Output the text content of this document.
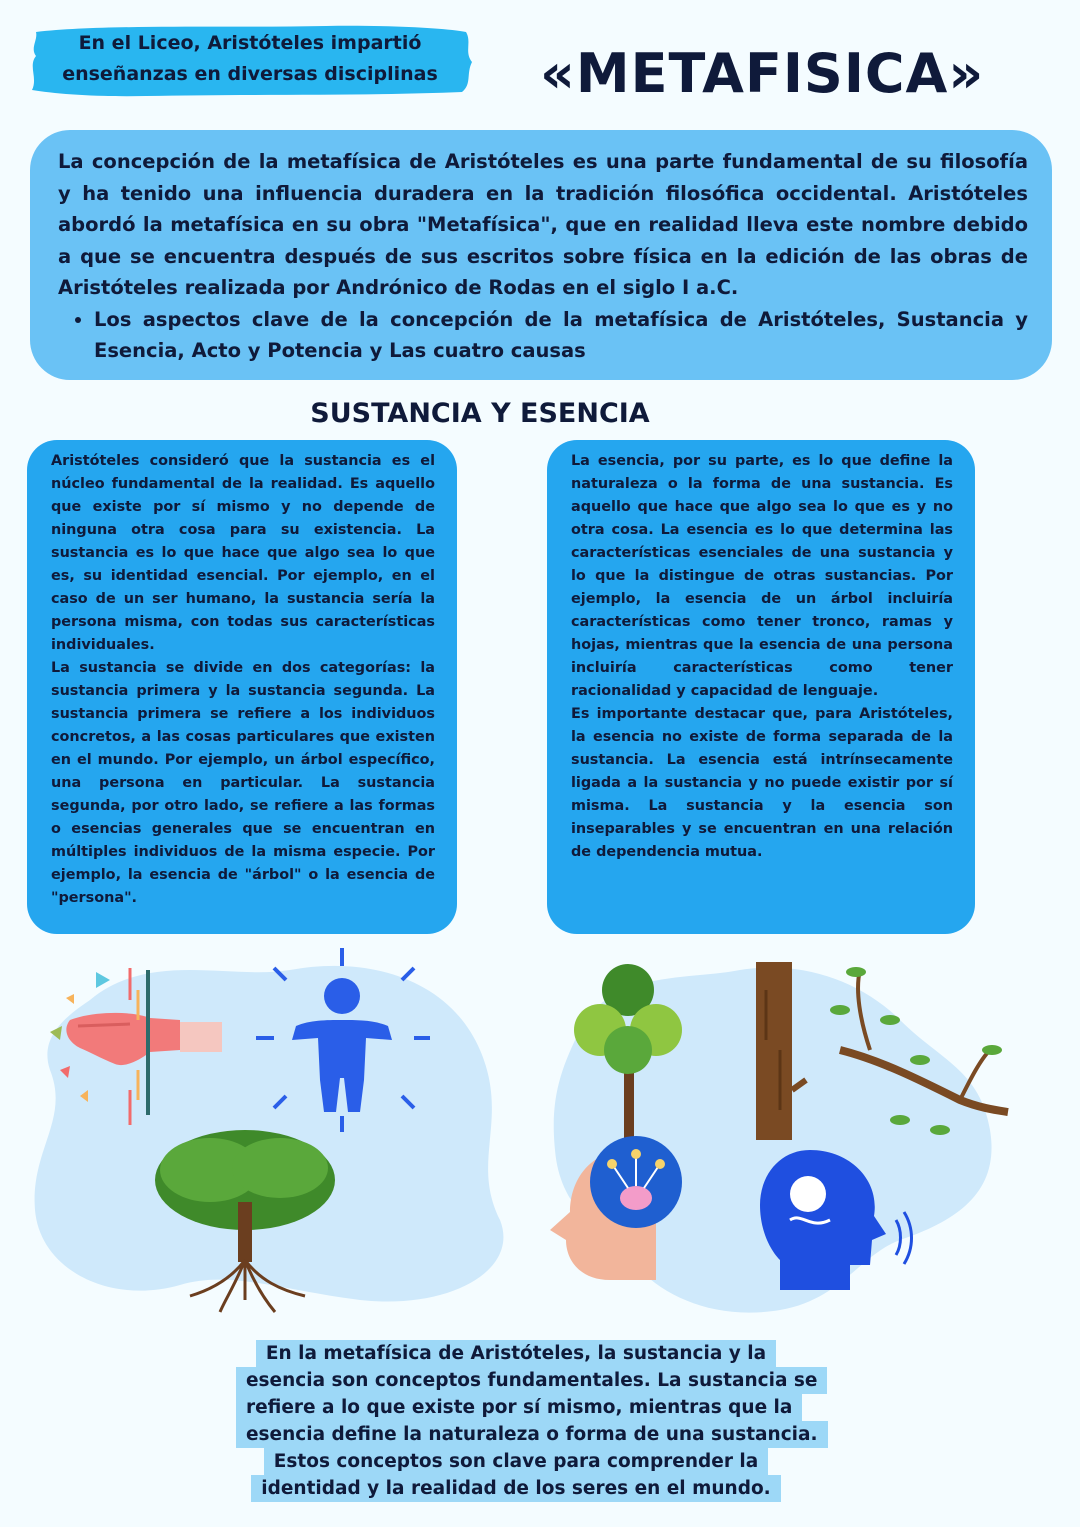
En el Liceo, Aristóteles impartió
enseñanzas en diversas disciplinas	«METAFISICA»

La concepción de la metafísica de Aristóteles es una parte fundamental de su filosofía y ha tenido una influencia duradera en la tradición filosófica occidental. Aristóteles abordó la metafísica en su obra "Metafísica", que en realidad lleva este nombre debido a que se encuentra después de sus escritos sobre física en la edición de las obras de Aristóteles realizada por Andrónico de Rodas en el siglo I a.C.

• Los aspectos clave de la concepción de la metafísica de Aristóteles, Sustancia y Esencia, Acto y Potencia y Las cuatro causas
SUSTANCIA Y ESENCIA

Aristóteles consideró que la sustancia es el núcleo fundamental de la realidad. Es aquello que existe por sí mismo y no depende de ninguna otra cosa para su existencia. La sustancia es lo que hace que algo sea lo que es, su identidad esencial. Por ejemplo, en el caso de un ser humano, la sustancia sería la persona misma, con todas sus características individuales.

La sustancia se divide en dos categorías: la sustancia primera y la sustancia segunda. La sustancia primera se refiere a los individuos concretos, a las cosas particulares que existen en el mundo. Por ejemplo, un árbol específico, una persona en particular. La sustancia segunda, por otro lado, se refiere a las formas o esencias generales que se encuentran en múltiples individuos de la misma especie. Por ejemplo, la esencia de "árbol" o la esencia de "persona".

La esencia, por su parte, es lo que define la naturaleza o la forma de una sustancia. Es aquello que hace que algo sea lo que es y no otra cosa. La esencia es lo que determina las características esenciales de una sustancia y lo que la distingue de otras sustancias. Por ejemplo, la esencia de un árbol incluiría características como tener tronco, ramas y hojas, mientras que la esencia de una persona incluiría características como tener racionalidad y capacidad de lenguaje.

Es importante destacar que, para Aristóteles, la esencia no existe de forma separada de la sustancia. La esencia está intrínsecamente ligada a la sustancia y no puede existir por sí misma. La sustancia y la esencia son inseparables y se encuentran en una relación de dependencia mutua.

En la metafísica de Aristóteles, la sustancia y la
esencia son conceptos fundamentales. La sustancia se
refiere a lo que existe por sí mismo, mientras que la
esencia define la naturaleza o forma de una sustancia.
Estos conceptos son clave para comprender la
identidad y la realidad de los seres en el mundo.
